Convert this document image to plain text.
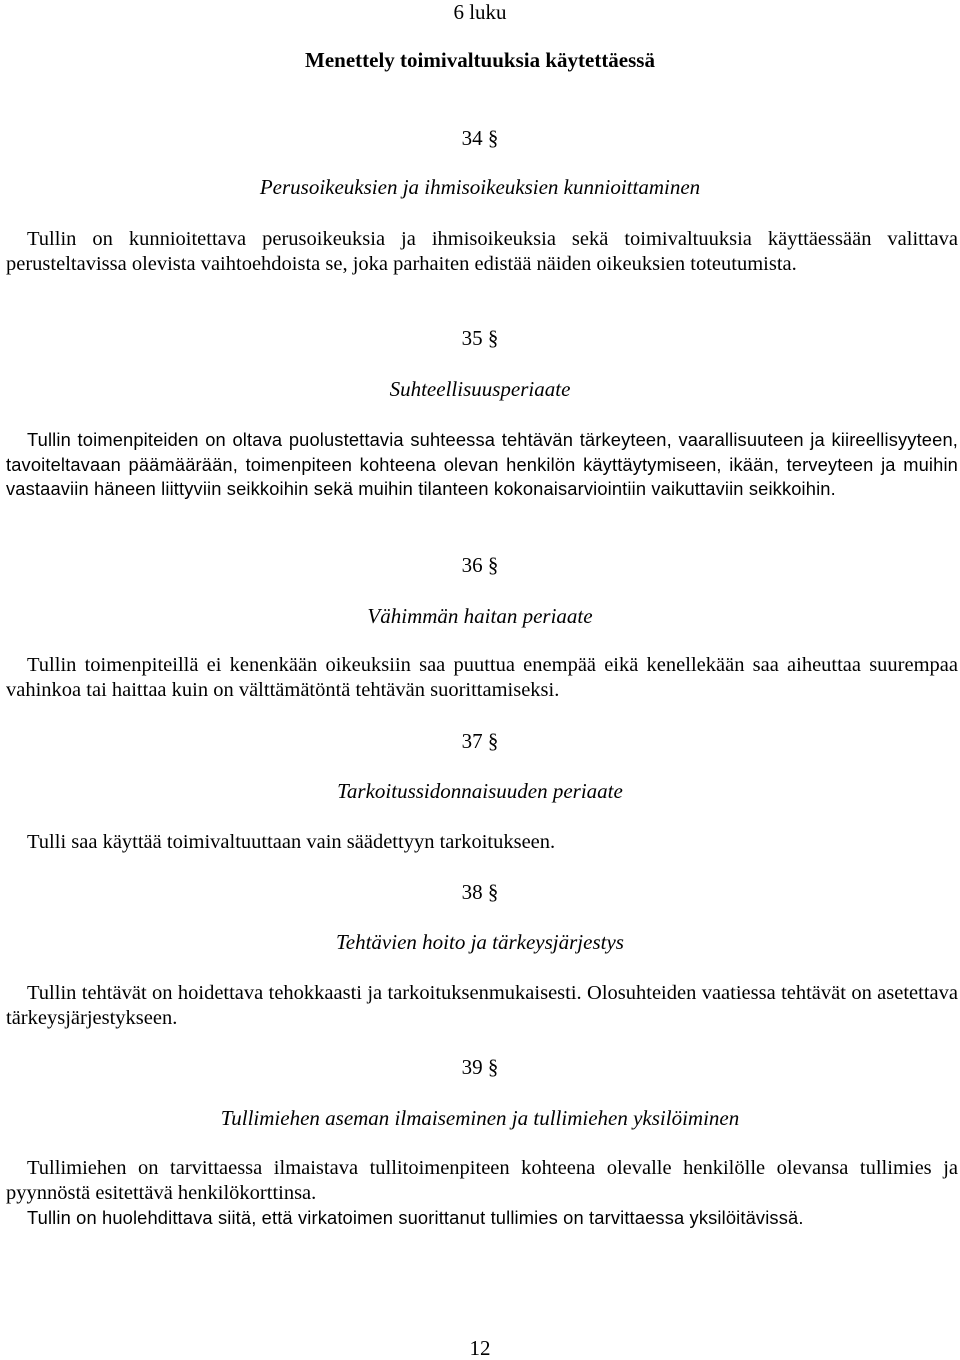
6 luku
Menettely toimivaltuuksia käytettäessä
34 §
Perusoikeuksien ja ihmisoikeuksien kunnioittaminen

Tullin on kunnioitettava perusoikeuksia ja ihmisoikeuksia sekä toimivaltuuksia käyttäessään valittava perusteltavissa olevista vaihtoehdoista se, joka parhaiten edistää näiden oikeuksien toteutumista.

35 §
Suhteellisuusperiaate

Tullin toimenpiteiden on oltava puolustettavia suhteessa tehtävän tärkeyteen, vaarallisuuteen ja kiireellisyyteen, tavoiteltavaan päämäärään, toimenpiteen kohteena olevan henkilön käyttäytymiseen, ikään, terveyteen ja muihin vastaaviin häneen liittyviin seikkoihin sekä muihin tilanteen kokonaisarviointiin vaikuttaviin seikkoihin.

36 §
Vähimmän haitan periaate

Tullin toimenpiteillä ei kenenkään oikeuksiin saa puuttua enempää eikä kenellekään saa aiheuttaa suurempaa vahinkoa tai haittaa kuin on välttämätöntä tehtävän suorittamiseksi.

37 §
Tarkoitussidonnaisuuden periaate

Tulli saa käyttää toimivaltuuttaan vain säädettyyn tarkoitukseen.

38 §
Tehtävien hoito ja tärkeysjärjestys

Tullin tehtävät on hoidettava tehokkaasti ja tarkoituksenmukaisesti. Olosuhteiden vaatiessa tehtävät on asetettava tärkeysjärjestykseen.

39 §
Tullimiehen aseman ilmaiseminen ja tullimiehen yksilöiminen

Tullimiehen on tarvittaessa ilmaistava tullitoimenpiteen kohteena olevalle henkilölle olevansa tullimies ja pyynnöstä esitettävä henkilökorttinsa.

Tullin on huolehdittava siitä, että virkatoimen suorittanut tullimies on tarvittaessa yksilöitävissä.

12
